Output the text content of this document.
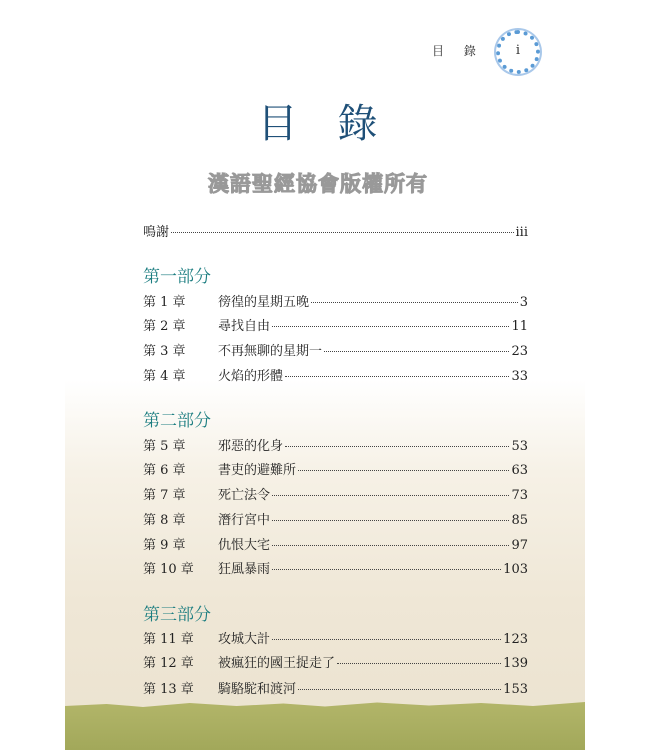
目 錄	i
目錄
漢語聖經協會版權所有
鳴謝	iii
第一部分
第 1 章	徬徨的星期五晚	3
第 2 章	尋找自由	11
第 3 章	不再無聊的星期一	23
第 4 章	火焰的形體	33
第二部分
第 5 章	邪惡的化身	53
第 6 章	書吏的避難所	63
第 7 章	死亡法令	73
第 8 章	潛行宮中	85
第 9 章	仇恨大宅	97
第 10 章	狂風暴雨	103
第三部分
第 11 章	攻城大計	123
第 12 章	被瘋狂的國王捉走了	139
第 13 章	騎駱駝和渡河	153
